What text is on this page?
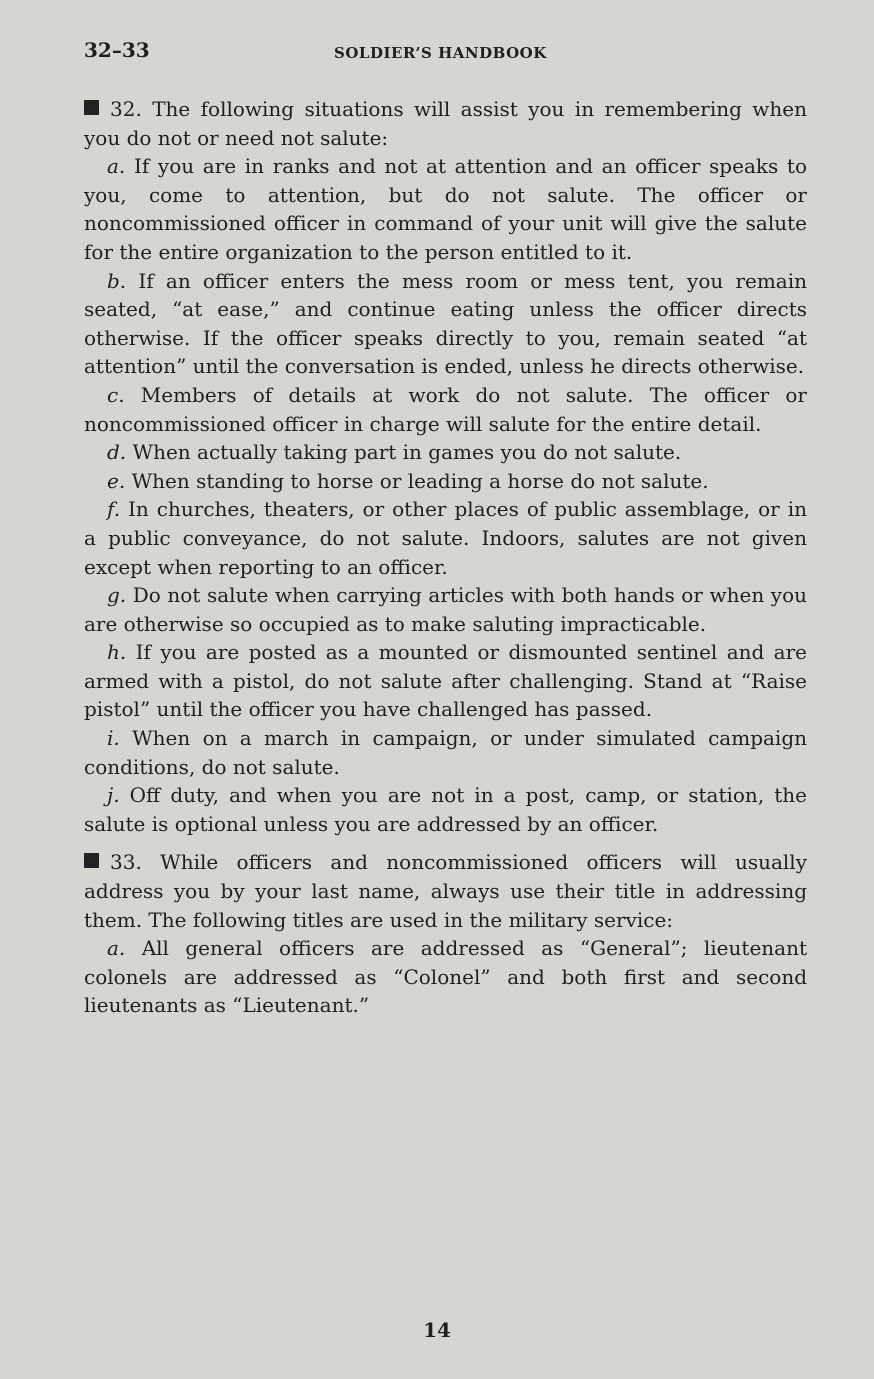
32–33	SOLDIER’S HANDBOOK

32. The following situations will assist you in remembering when you do not or need not salute:

a. If you are in ranks and not at attention and an officer speaks to you, come to attention, but do not salute. The officer or noncommissioned officer in command of your unit will give the salute for the entire organization to the person entitled to it.

b. If an officer enters the mess room or mess tent, you remain seated, “at ease,” and continue eating unless the officer directs otherwise. If the officer speaks directly to you, remain seated “at attention” until the conversation is ended, unless he directs otherwise.

c. Members of details at work do not salute. The officer or noncommissioned officer in charge will salute for the entire detail.

d. When actually taking part in games you do not salute.

e. When standing to horse or leading a horse do not salute.

f. In churches, theaters, or other places of public assemblage, or in a public conveyance, do not salute. Indoors, salutes are not given except when reporting to an officer.

g. Do not salute when carrying articles with both hands or when you are otherwise so occupied as to make saluting impracticable.

h. If you are posted as a mounted or dismounted sentinel and are armed with a pistol, do not salute after challenging. Stand at “Raise pistol” until the officer you have challenged has passed.

i. When on a march in campaign, or under simulated campaign conditions, do not salute.

j. Off duty, and when you are not in a post, camp, or station, the salute is optional unless you are addressed by an officer.

33. While officers and noncommissioned officers will usually address you by your last name, always use their title in addressing them. The following titles are used in the military service:

a. All general officers are addressed as “General”; lieutenant colonels are addressed as “Colonel” and both first and second lieutenants as “Lieutenant.”

14
